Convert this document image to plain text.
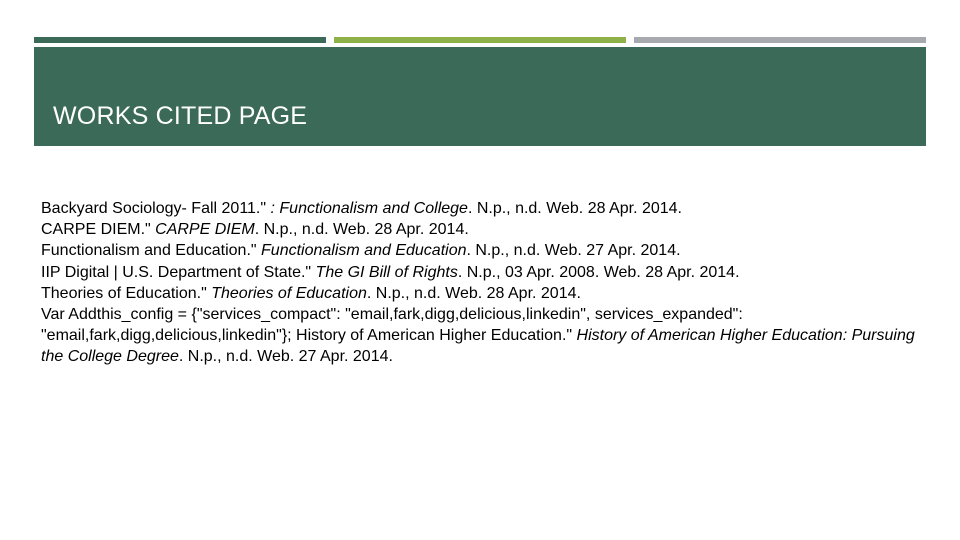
WORKS CITED PAGE
Backyard Sociology- Fall 2011." : Functionalism and College. N.p., n.d. Web. 28 Apr. 2014.
CARPE DIEM." CARPE DIEM. N.p., n.d. Web. 28 Apr. 2014.
Functionalism and Education." Functionalism and Education. N.p., n.d. Web. 27 Apr. 2014.
IIP Digital | U.S. Department of State." The GI Bill of Rights. N.p., 03 Apr. 2008. Web. 28 Apr. 2014.
Theories of Education." Theories of Education. N.p., n.d. Web. 28 Apr. 2014.
Var Addthis_config = {"services_compact": "email,fark,digg,delicious,linkedin", services_expanded": "email,fark,digg,delicious,linkedin"}; History of American Higher Education." History of American Higher Education: Pursuing the College Degree. N.p., n.d. Web. 27 Apr. 2014.
